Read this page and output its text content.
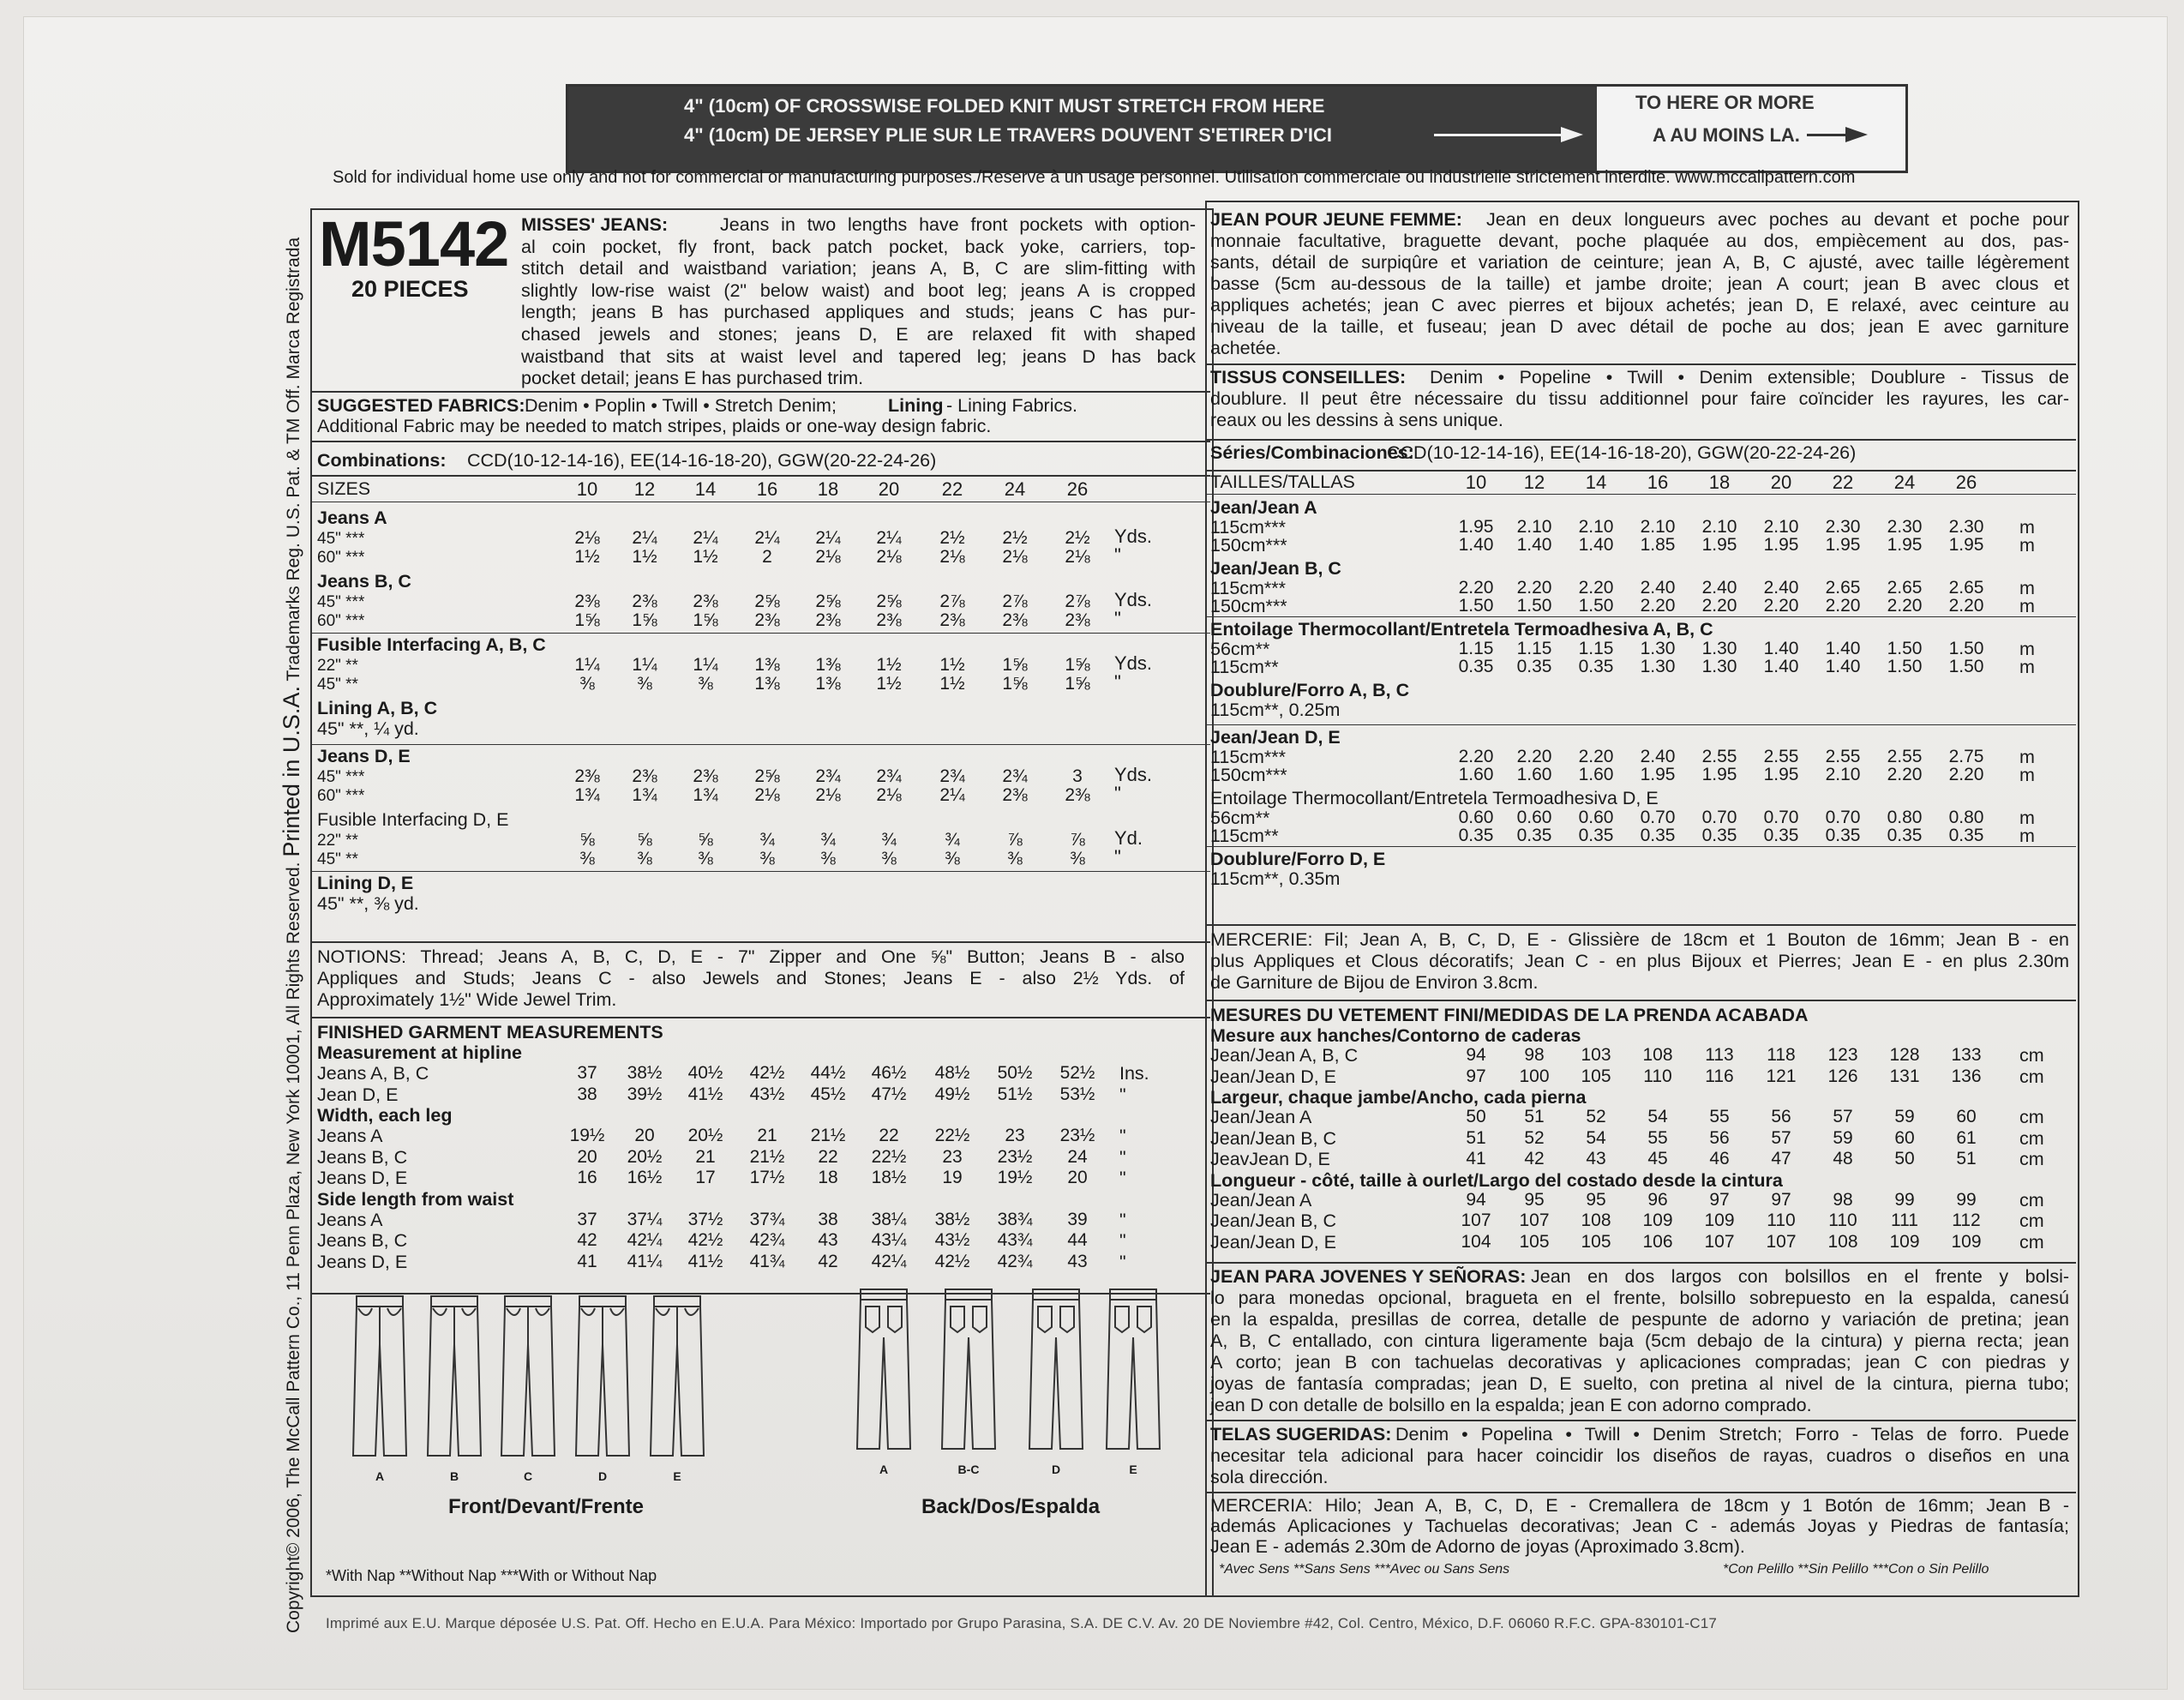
4" (10cm) OF CROSSWISE FOLDED KNIT MUST STRETCH FROM HERE
4" (10cm) DE JERSEY PLIE SUR LE TRAVERS DOUVENT S'ETIRER D'ICI
TO HERE OR MORE
A AU MOINS LA.
Sold for individual home use only and not for commercial or manufacturing purposes./Reserve à un usage personnel. Utilisation commerciale ou industrielle strictement interdite. www.mccallpattern.com
Copyright© 2006, The McCall Pattern Co., 11 Penn Plaza, New York 10001, All Rights Reserved. Printed in U.S.A. Trademarks Reg. U.S. Pat. & TM Off. Marca Registrada M5142
20 PIECES
MISSES' JEANS:	Jeans in two lengths have front pockets with option-
al coin pocket, fly front, back patch pocket, back yoke, carriers, top-
stitch detail and waistband variation; jeans A, B, C are slim-fitting with
slightly low-rise waist (2" below waist) and boot leg; jeans A is cropped
length; jeans B has purchased appliques and studs; jeans C has pur-
chased jewels and stones; jeans D, E are relaxed fit with shaped
waistband that sits at waist level and tapered leg; jeans D has back
pocket detail; jeans E has purchased trim.
SUGGESTED FABRICS: Denim • Poplin • Twill • Stretch Denim;	Lining - Lining Fabrics.
Additional Fabric may be needed to match stripes, plaids or one-way design fabric.
Combinations: CCD(10-12-14-16), EE(14-16-18-20), GGW(20-22-24-26)
SIZES	10 12 14 16 18 20 22 24 26
Jeans A
45" ***	2⅛ 2¼ 2¼ 2¼ 2¼ 2¼ 2½ 2½ 2½ Yds.
60" ***	1½ 1½ 1½ 2 2⅛ 2⅛ 2⅛ 2⅛ 2⅛ "
Jeans B, C
45" ***	2⅜ 2⅜ 2⅜ 2⅝ 2⅝ 2⅝ 2⅞ 2⅞ 2⅞ Yds.
60" ***	1⅝ 1⅝ 1⅝ 2⅜ 2⅜ 2⅜ 2⅜ 2⅜ 2⅜ "
Fusible Interfacing A, B, C
22" **	1¼ 1¼ 1¼ 1⅜ 1⅜ 1½ 1½ 1⅝ 1⅝ Yds.
45" **	⅜ ⅜	⅜ 1⅜ 1⅜ 1½ 1½ 1⅝ 1⅝ "
Lining A, B, C
45" **, ¼ yd.
Jeans D, E
45" ***	2⅜ 2⅜ 2⅜ 2⅝ 2¾ 2¾ 2¾ 2¾	3 Yds.
60" ***	1¾ 1¾ 1¾ 2⅛ 2⅛ 2⅛ 2¼ 2⅜ 2⅜ "
Fusible Interfacing D, E
22" **	⅝ ⅝	⅝	¾	¾	¾	¾	⅞	⅞ Yd.
45" **	⅜ ⅜	⅜	⅜	⅜	⅜	⅜	⅜	⅜ "
Lining D, E
45" **, ⅜ yd.
NOTIONS: Thread; Jeans A, B, C, D, E - 7" Zipper and One ⅝" Button; Jeans B - also
Appliques and Studs; Jeans C - also Jewels and Stones; Jeans E - also 2½ Yds. of
Approximately 1½" Wide Jewel Trim.
FINISHED GARMENT MEASUREMENTS
Measurement at hipline
Jeans A, B, C	37 38½ 40½ 42½ 44½ 46½ 48½ 50½ 52½ Ins.
Jean D, E	38 39½ 41½ 43½ 45½ 47½ 49½ 51½ 53½ "
Width, each leg
Jeans A	19½ 20 20½ 21 21½ 22 22½ 23 23½ "
Jeans B, C	20 20½ 21 21½ 22 22½ 23 23½ 24 "
Jeans D, E	16 16½ 17 17½ 18 18½ 19 19½ 20 "
Side length from waist
Jeans A	37 37¼ 37½ 37¾ 38 38¼ 38½ 38¾ 39 "
Jeans B, C	42 42¼ 42½ 42¾ 43 43¼ 43½ 43¾ 44 "
Jeans D, E	41 41¼ 41½ 41¾ 42 42¼ 42½ 42¾ 43 "
A	B	C	D	E	A	B-C	D	E
Front/Devant/Frente	Back/Dos/Espalda
*With Nap **Without Nap ***With or Without Nap
JEAN POUR JEUNE FEMME: Jean en deux longueurs avec poches au devant et poche pour
monnaie facultative, braguette devant, poche plaquée au dos, empiècement au dos, pas-
sants, détail de surpiqûre et variation de ceinture; jean A, B, C ajusté, avec taille légèrement
basse (5cm au-dessous de la taille) et jambe droite; jean A court; jean B avec clous et
appliques achetés; jean C avec pierres et bijoux achetés; jean D, E relaxé, avec ceinture au
niveau de la taille, et fuseau; jean D avec détail de poche au dos; jean E avec garniture
achetée.
TISSUS CONSEILLES: Denim • Popeline • Twill • Denim extensible; Doublure - Tissus de
doublure. Il peut être nécessaire du tissu additionnel pour faire coïncider les rayures, les car-
reaux ou les dessins à sens unique.
Séries/Combinaciones:
CCD(10-12-14-16), EE(14-16-18-20), GGW(20-22-24-26)
TAILLES/TALLAS	10 12 14 16 18 20 22 24 26
Jean/Jean A
115cm***	1.95 2.10 2.10 2.10 2.10 2.10 2.30 2.30 2.30 m
150cm***	1.40 1.40 1.40 1.85 1.95 1.95 1.95 1.95 1.95 m
Jean/Jean B, C
115cm***	2.20 2.20 2.20 2.40 2.40 2.40 2.65 2.65 2.65 m
150cm***	1.50 1.50 1.50 2.20 2.20 2.20 2.20 2.20 2.20 m
Entoilage Thermocollant/Entretela Termoadhesiva A, B, C
56cm**	1.15 1.15 1.15 1.30 1.30 1.40 1.40 1.50 1.50 m
115cm**	0.35 0.35 0.35 1.30 1.30 1.40 1.40 1.50 1.50 m
Doublure/Forro A, B, C
115cm**, 0.25m
Jean/Jean D, E
115cm***	2.20 2.20 2.20 2.40 2.55 2.55 2.55 2.55 2.75 m
150cm***	1.60 1.60 1.60 1.95 1.95 1.95 2.10 2.20 2.20 m
Entoilage Thermocollant/Entretela Termoadhesiva D, E
56cm**	0.60 0.60 0.60 0.70 0.70 0.70 0.70 0.80 0.80 m
115cm**	0.35 0.35 0.35 0.35 0.35 0.35 0.35 0.35 0.35 m
Doublure/Forro D, E
115cm**, 0.35m
MERCERIE: Fil; Jean A, B, C, D, E - Glissière de 18cm et 1 Bouton de 16mm; Jean B - en
plus Appliques et Clous décoratifs; Jean C - en plus Bijoux et Pierres; Jean E - en plus 2.30m
de Garniture de Bijou de Environ 3.8cm.
MESURES DU VETEMENT FINI/MEDIDAS DE LA PRENDA ACABADA
Mesure aux hanches/Contorno de caderas
Jean/Jean A, B, C	94 98 103 108 113 118 123 128 133 cm
Jean/Jean D, E	97 100 105 110 116 121 126 131 136 cm
Largeur, chaque jambe/Ancho, cada pierna
Jean/Jean A	50 51 52 54 55 56 57 59 60 cm
Jean/Jean B, C	51 52 54 55 56 57 59 60 61 cm
JeavJean D, E	41 42 43 45 46 47 48 50 51 cm
Longueur - côté, taille à ourlet/Largo del costado desde la cintura
Jean/Jean A	94 95 95 96 97 97 98 99 99 cm
Jean/Jean B, C	107 107 108 109 109 110 110 111 112 cm
Jean/Jean D, E	104 105 105 106 107 107 108 109 109 cm
JEAN PARA JOVENES Y SEÑORAS: Jean en dos largos con bolsillos en el frente y bolsi-
lo para monedas opcional, bragueta en el frente, bolsillo sobrepuesto en la espalda, canesú
en la espalda, presillas de correa, detalle de pespunte de adorno y variación de pretina; jean
A, B, C entallado, con cintura ligeramente baja (5cm debajo de la cintura) y pierna recta; jean
A corto; jean B con tachuelas decorativas y aplicaciones compradas; jean C con piedras y
joyas de fantasía compradas; jean D, E suelto, con pretina al nivel de la cintura, pierna tubo;
jean D con detalle de bolsillo en la espalda; jean E con adorno comprado.
TELAS SUGERIDAS: Denim • Popelina • Twill • Denim Stretch; Forro - Telas de forro. Puede
necesitar tela adicional para hacer coincidir los diseños de rayas, cuadros o diseños en una
sola dirección.
MERCERIA: Hilo; Jean A, B, C, D, E - Cremallera de 18cm y 1 Botón de 16mm; Jean B -
además Aplicaciones y Tachuelas decorativas; Jean C - además Joyas y Piedras de fantasía;
Jean E - además 2.30m de Adorno de joyas (Aproximado 3.8cm).
*Avec Sens **Sans Sens ***Avec ou Sans Sens	*Con Pelillo **Sin Pelillo ***Con o Sin Pelillo
Imprimé aux E.U. Marque déposée U.S. Pat. Off. Hecho en E.U.A. Para México: Importado por Grupo Parasina, S.A. DE C.V. Av. 20 DE Noviembre #42, Col. Centro, México, D.F. 06060 R.F.C. GPA-830101-C17
